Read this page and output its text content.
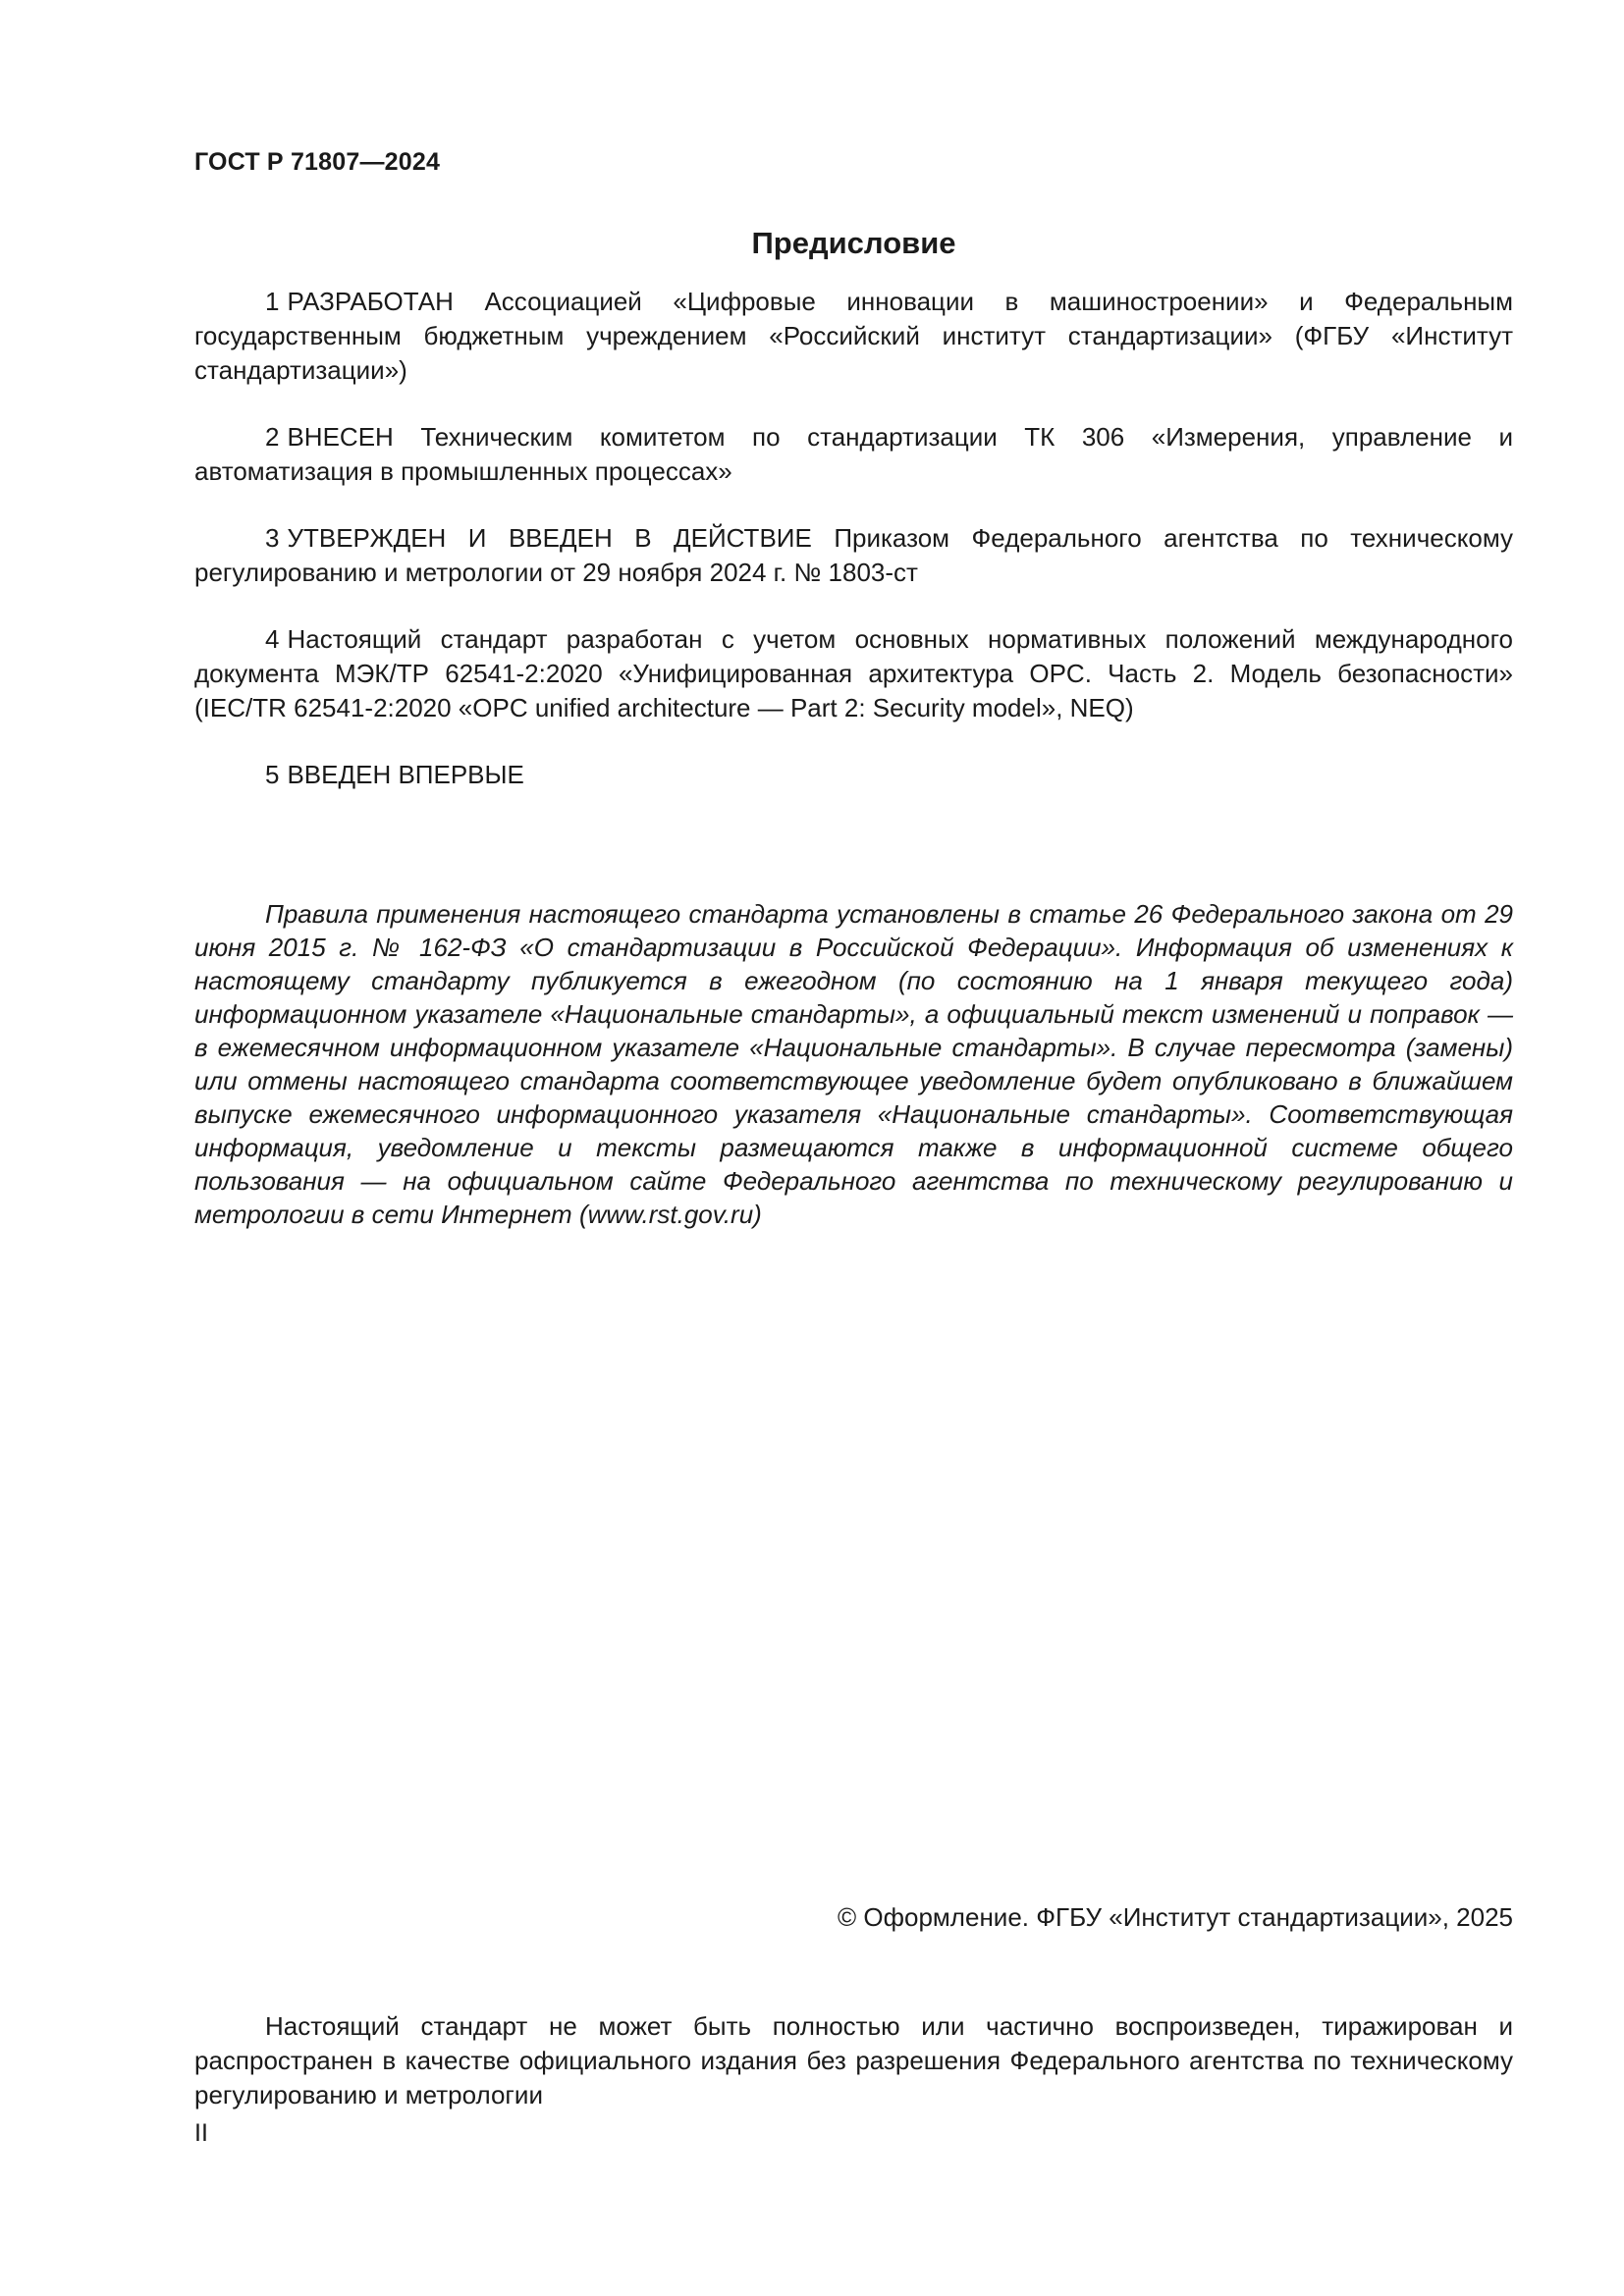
ГОСТ Р 71807—2024
Предисловие

1 РАЗРАБОТАН Ассоциацией «Цифровые инновации в машиностроении» и Федеральным государственным бюджетным учреждением «Российский институт стандартизации» (ФГБУ «Институт стандартизации»)

2 ВНЕСЕН Техническим комитетом по стандартизации ТК 306 «Измерения, управление и автоматизация в промышленных процессах»

3 УТВЕРЖДЕН И ВВЕДЕН В ДЕЙСТВИЕ Приказом Федерального агентства по техническому регулированию и метрологии от 29 ноября 2024 г. № 1803-ст

4 Настоящий стандарт разработан с учетом основных нормативных положений международного документа МЭК/ТР 62541-2:2020 «Унифицированная архитектура OPC. Часть 2. Модель безопасности» (IEC/TR 62541-2:2020 «OPC unified architecture — Part 2: Security model», NEQ)

5 ВВЕДЕН ВПЕРВЫЕ

Правила применения настоящего стандарта установлены в статье 26 Федерального закона от 29 июня 2015 г. № 162-ФЗ «О стандартизации в Российской Федерации». Информация об изменениях к настоящему стандарту публикуется в ежегодном (по состоянию на 1 января текущего года) информационном указателе «Национальные стандарты», а официальный текст изменений и поправок — в ежемесячном информационном указателе «Национальные стандарты». В случае пересмотра (замены) или отмены настоящего стандарта соответствующее уведомление будет опубликовано в ближайшем выпуске ежемесячного информационного указателя «Национальные стандарты». Соответствующая информация, уведомление и тексты размещаются также в информационной системе общего пользования — на официальном сайте Федерального агентства по техническому регулированию и метрологии в сети Интернет (www.rst.gov.ru)

© Оформление. ФГБУ «Институт стандартизации», 2025

Настоящий стандарт не может быть полностью или частично воспроизведен, тиражирован и распространен в качестве официального издания без разрешения Федерального агентства по техническому регулированию и метрологии

II
